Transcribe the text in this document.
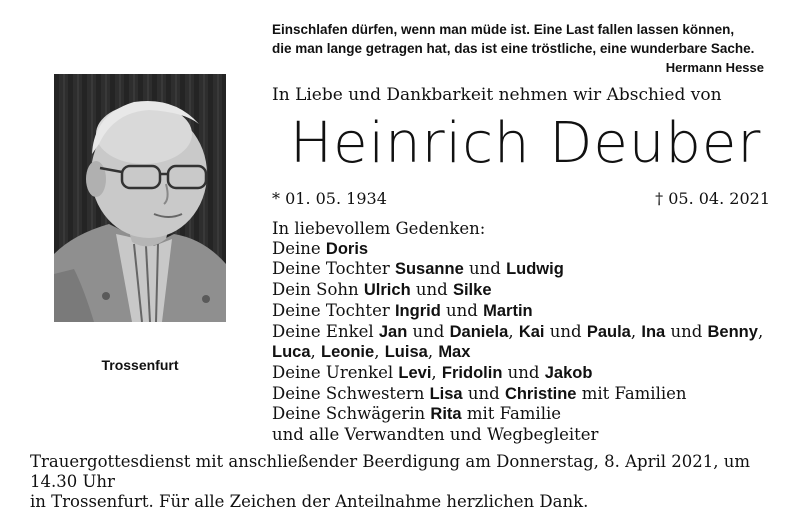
Einschlafen dürfen, wenn man müde ist. Eine Last fallen lassen können,
die man lange getragen hat, das ist eine tröstliche, eine wunderbare Sache.
Hermann Hesse
Trossenfurt
In Liebe und Dankbarkeit nehmen wir Abschied von
Heinrich Deuber
* 01. 05. 1934	† 05. 04. 2021
In liebevollem Gedenken:
Deine Doris
Deine Tochter Susanne und Ludwig
Dein Sohn Ulrich und Silke
Deine Tochter Ingrid und Martin
Deine Enkel Jan und Daniela, Kai und Paula, Ina und Benny,
Luca, Leonie, Luisa, Max
Deine Urenkel Levi, Fridolin und Jakob
Deine Schwestern Lisa und Christine mit Familien
Deine Schwägerin Rita mit Familie
und alle Verwandten und Wegbegleiter
Trauergottesdienst mit anschließender Beerdigung am Donnerstag, 8. April 2021, um 14.30 Uhr
in Trossenfurt. Für alle Zeichen der Anteilnahme herzlichen Dank.
